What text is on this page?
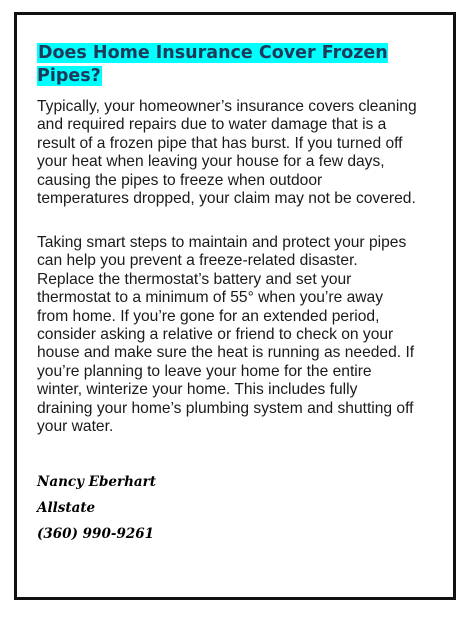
Does Home Insurance Cover Frozen Pipes?

Typically, your homeowner’s insurance covers cleaning and required repairs due to water damage that is a result of a frozen pipe that has burst. If you turned off your heat when leaving your house for a few days, causing the pipes to freeze when outdoor temperatures dropped, your claim may not be covered.

Taking smart steps to maintain and protect your pipes can help you prevent a freeze-related disaster. Replace the thermostat’s battery and set your thermostat to a minimum of 55° when you’re away from home. If you’re gone for an extended period, consider asking a relative or friend to check on your house and make sure the heat is running as needed. If you’re planning to leave your home for the entire winter, winterize your home. This includes fully draining your home’s plumbing system and shutting off your water.

Nancy Eberhart
Allstate
(360) 990-9261
